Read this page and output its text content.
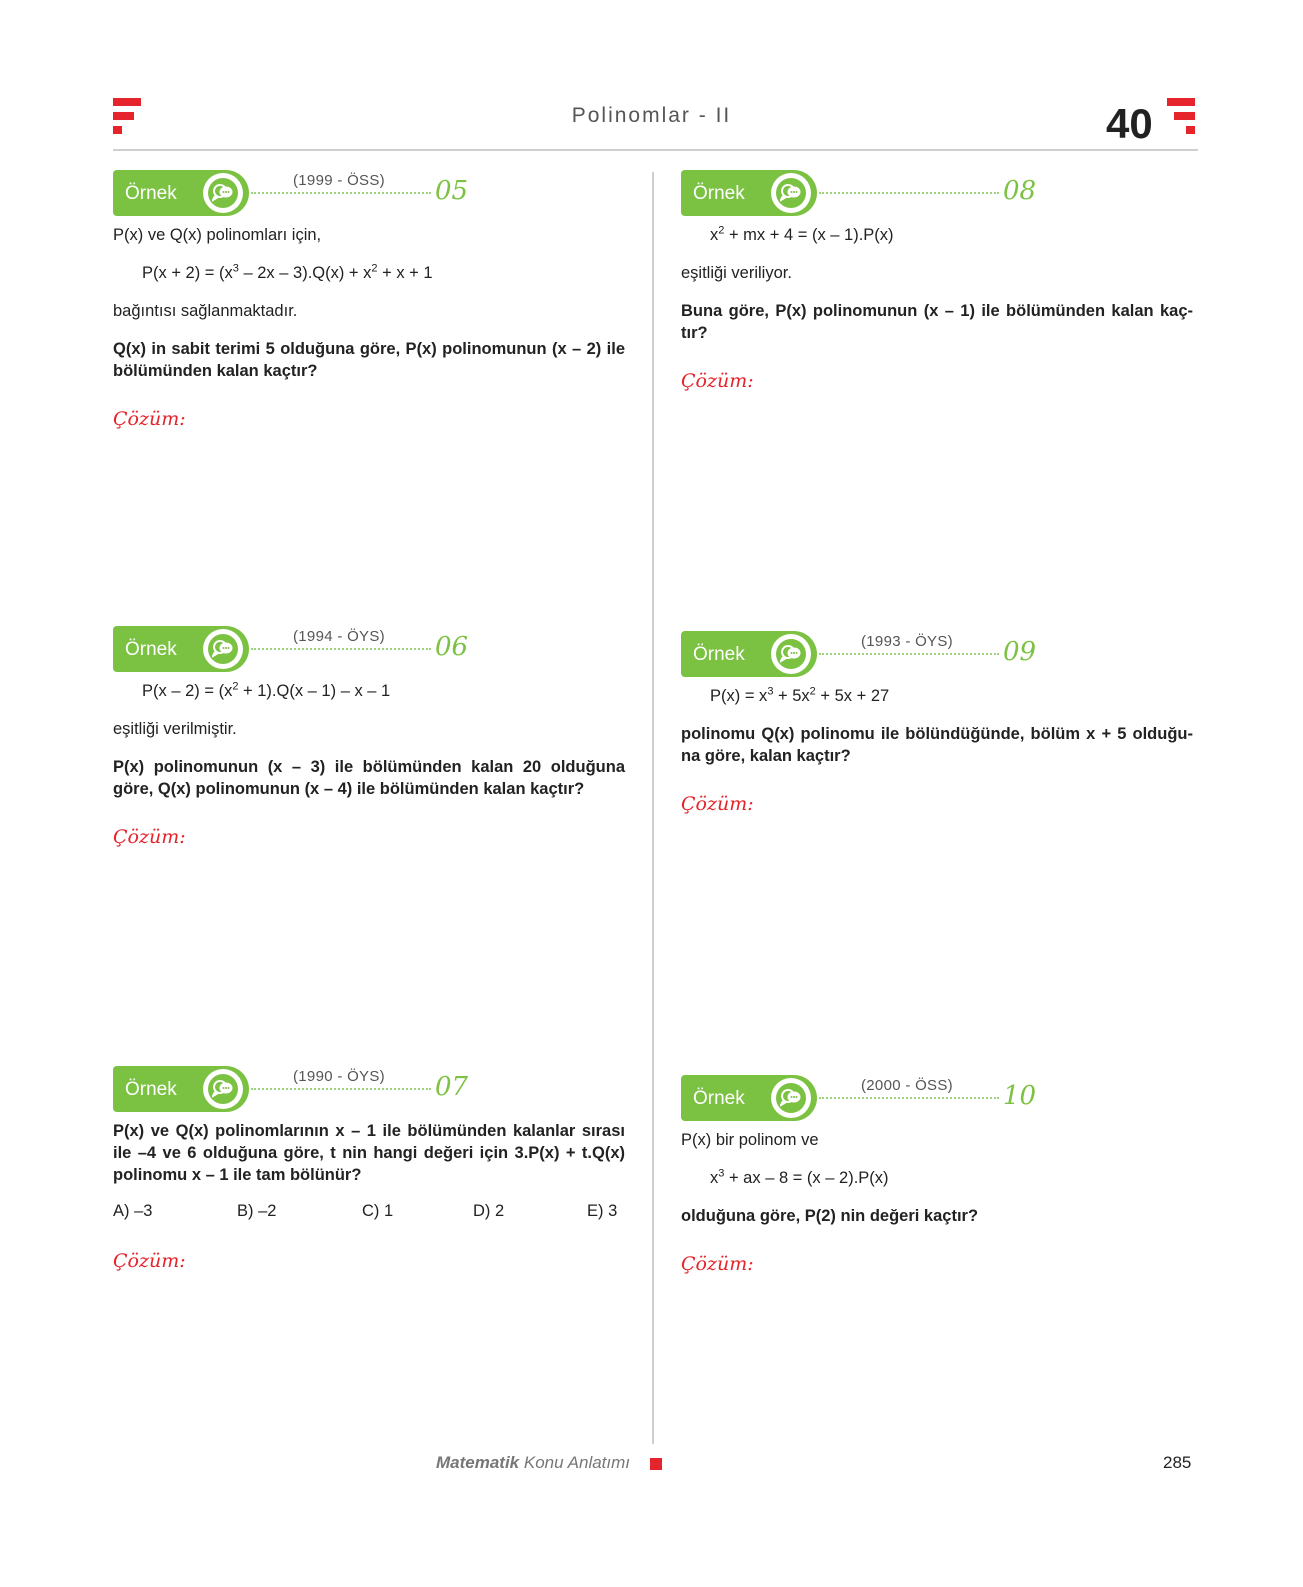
Polinomlar - II	40
Örnek
(1999 - ÖSS) 05

P(x) ve Q(x) polinomları için,

$P(x + 2) = (x^3 - 2x - 3).Q(x) + x^2 + x + 1$

bağıntısı sağlanmaktadır.

Q(x) in sabit terimi 5 olduğuna göre, P(x) polinomunun (x – 2) ile bölümünden kalan kaçtır?

Çözüm:

Örnek
(1994 - ÖYS) 06

$P(x - 2) = (x^2 + 1).Q(x - 1) - x - 1$

eşitliği verilmiştir.

P(x) polinomunun (x – 3) ile bölümünden kalan 20 olduğuna göre, Q(x) polinomunun (x – 4) ile bölümünden kalan kaçtır?

Çözüm:

Örnek
(1990 - ÖYS) 07

P(x) ve Q(x) polinomlarının x – 1 ile bölümünden kalanlar sırası ile –4 ve 6 olduğuna göre, t nin hangi değeri için 3.P(x) + t.Q(x) polinomu x – 1 ile tam bölünür?

A) –3	B) –2	C) 1	D) 2	E) 3

Çözüm:

Örnek	08

$x^2$ + mx + 4 = (x – 1).P(x)

eşitliği veriliyor.

Buna göre, P(x) polinomunun (x – 1) ile bölümünden kalan kaç-tır?

Çözüm:

Örnek
(1993 - ÖYS) 09

$P(x) = x^3 + 5x^2 + 5x + 27$

polinomu Q(x) polinomu ile bölündüğünde, bölüm x + 5 olduğu-na göre, kalan kaçtır?

Çözüm:

Örnek
(2000 - ÖSS) 10

P(x) bir polinom ve

$x^3$ + ax – 8 = (x – 2).P(x)

olduğuna göre, P(2) nin değeri kaçtır?

Çözüm:

Matematik Konu Anlatımı	285
